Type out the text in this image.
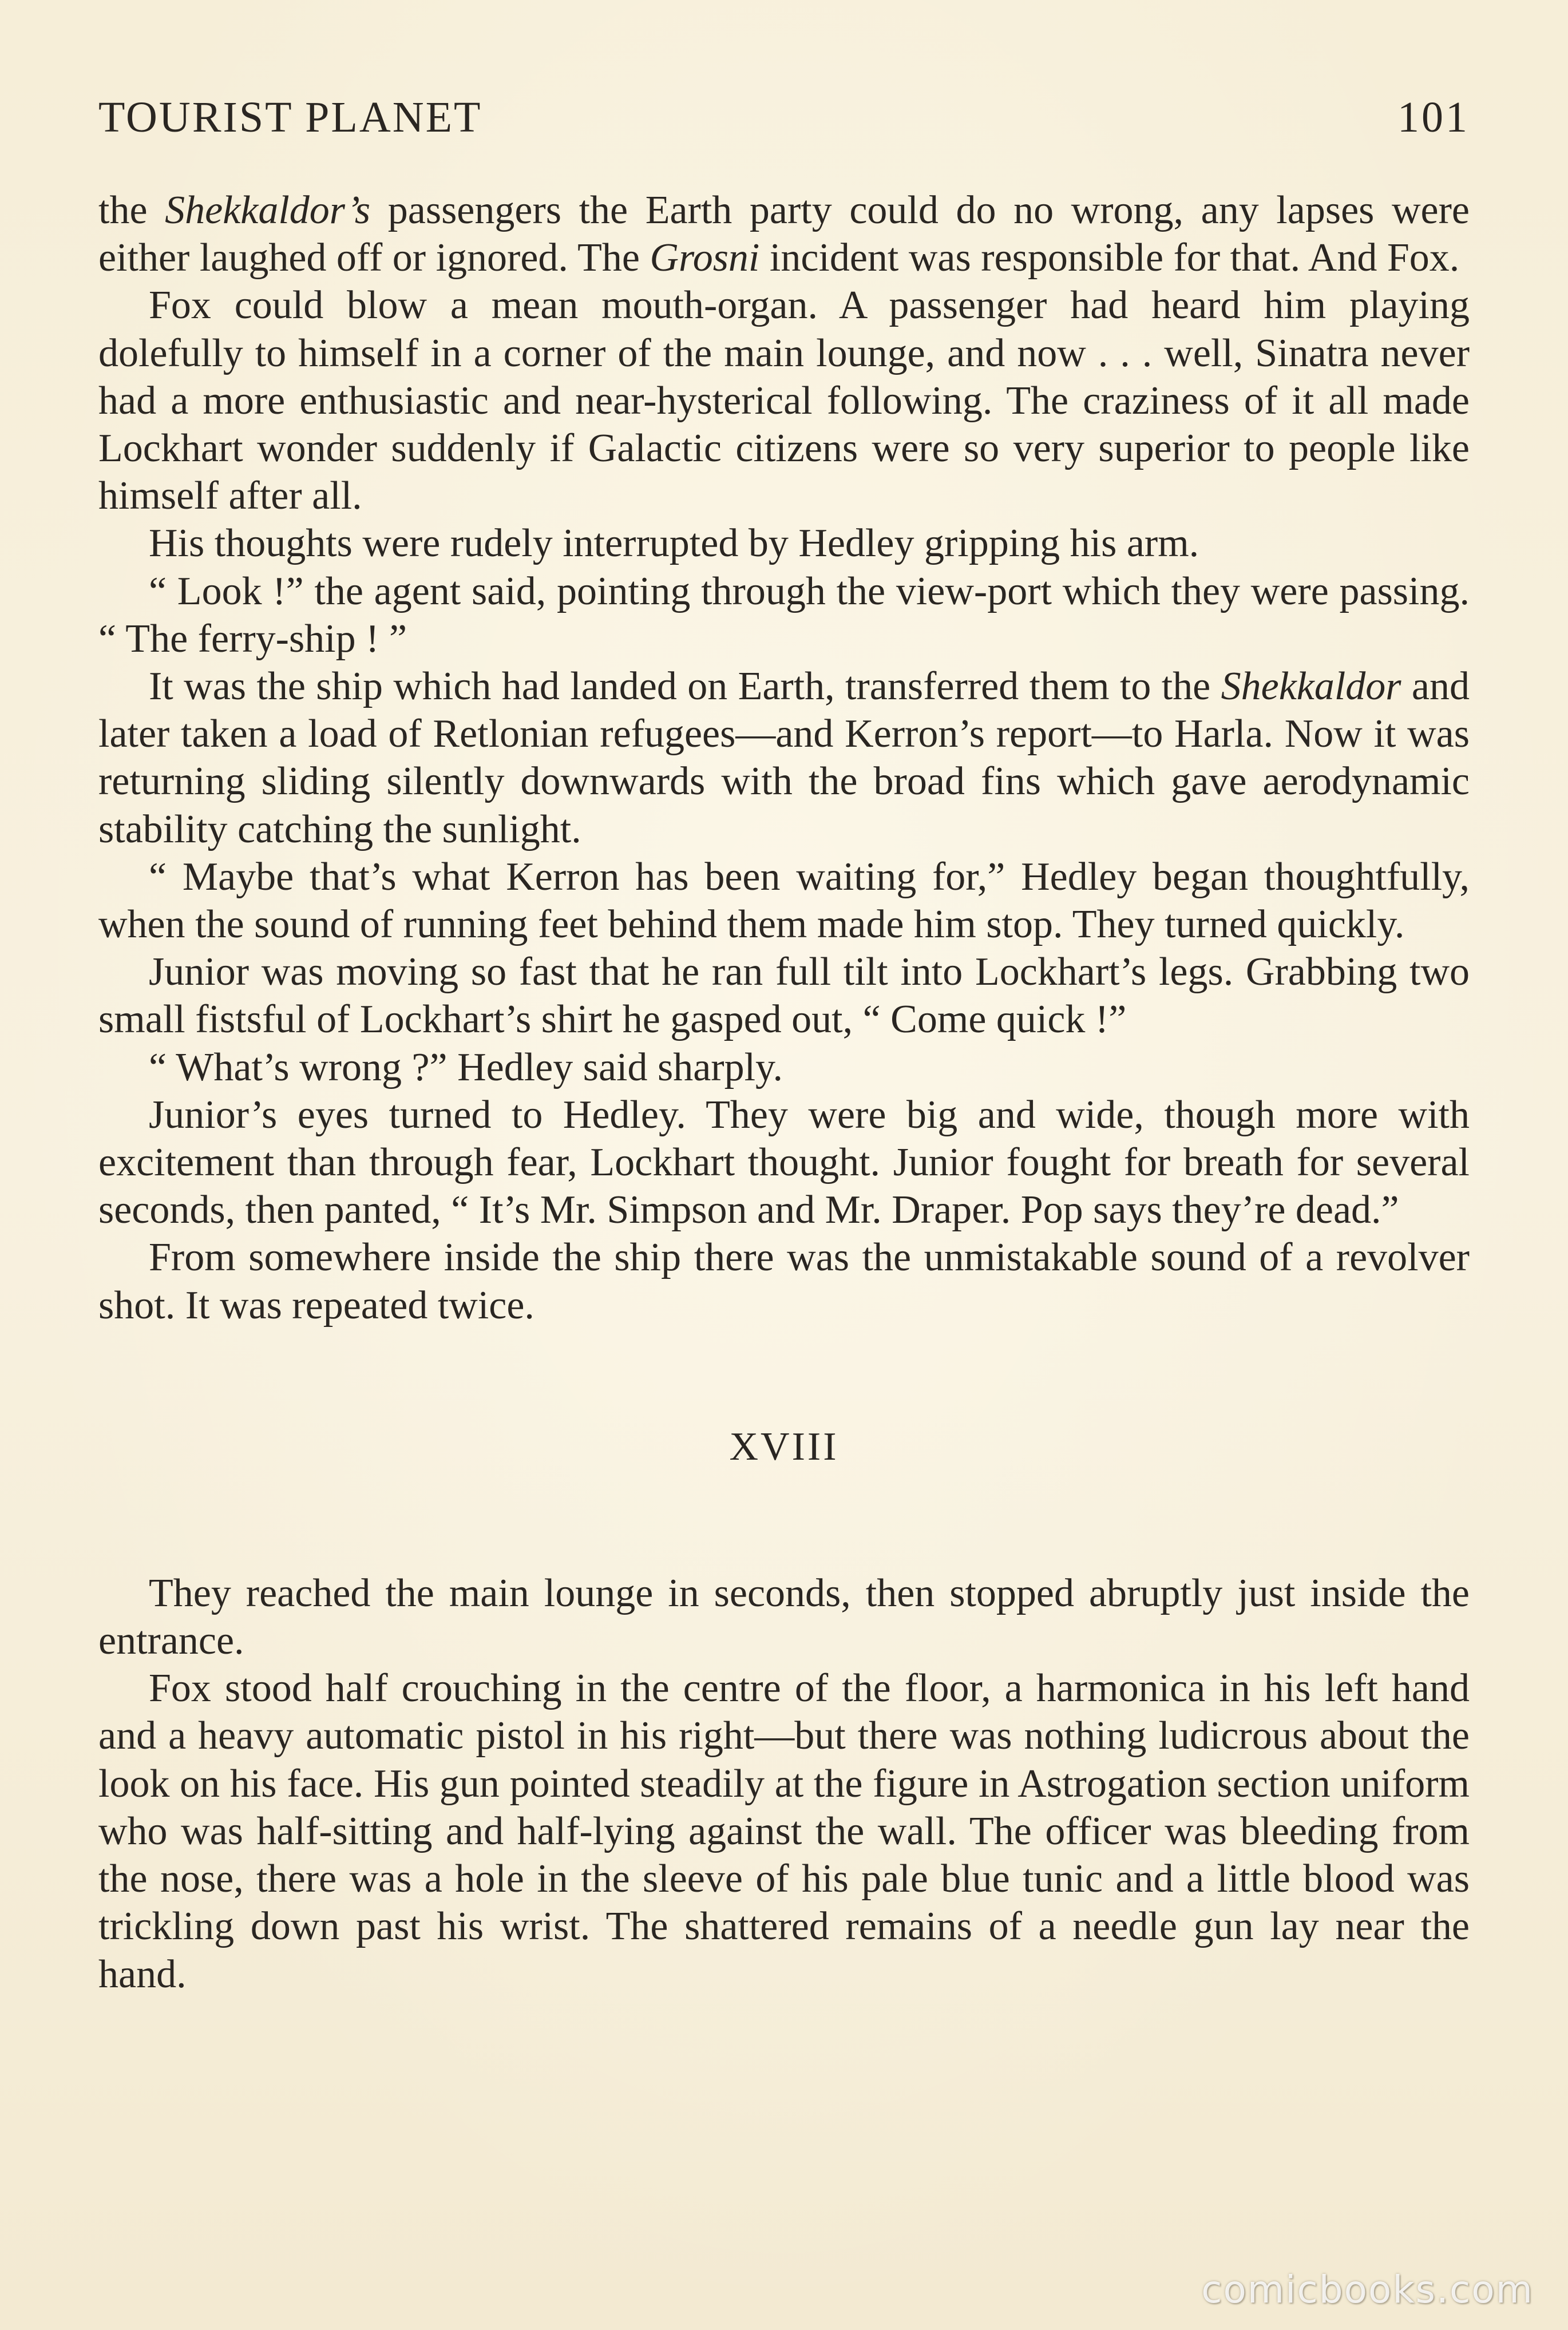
TOURIST PLANET	101

the Shekkaldor’s passengers the Earth party could do no wrong, any lapses were either laughed off or ignored. The Grosni incident was responsible for that. And Fox.

Fox could blow a mean mouth-organ. A passenger had heard him playing dolefully to himself in a corner of the main lounge, and now . . . well, Sinatra never had a more enthusiastic and near-hysterical following. The craziness of it all made Lockhart wonder suddenly if Galactic citizens were so very superior to people like himself after all.

His thoughts were rudely interrupted by Hedley gripping his arm.

“ Look !” the agent said, pointing through the view-port which they were passing. “ The ferry-ship ! ”

It was the ship which had landed on Earth, transferred them to the Shekkaldor and later taken a load of Retlonian refugees—and Kerron’s report—to Harla. Now it was returning sliding silently downwards with the broad fins which gave aerodynamic stability catching the sunlight.

“ Maybe that’s what Kerron has been waiting for,” Hedley began thoughtfully, when the sound of running feet behind them made him stop. They turned quickly.

Junior was moving so fast that he ran full tilt into Lockhart’s legs. Grabbing two small fistsful of Lockhart’s shirt he gasped out, “ Come quick !”

“ What’s wrong ?” Hedley said sharply.

Junior’s eyes turned to Hedley. They were big and wide, though more with excitement than through fear, Lockhart thought. Junior fought for breath for several seconds, then panted, “ It’s Mr. Simpson and Mr. Draper. Pop says they’re dead.”

From somewhere inside the ship there was the unmistakable sound of a revolver shot. It was repeated twice.

XVIII

They reached the main lounge in seconds, then stopped abruptly just inside the entrance.

Fox stood half crouching in the centre of the floor, a harmonica in his left hand and a heavy automatic pistol in his right—but there was nothing ludicrous about the look on his face. His gun pointed steadily at the figure in Astrogation section uniform who was half-sitting and half-lying against the wall. The officer was bleeding from the nose, there was a hole in the sleeve of his pale blue tunic and a little blood was trickling down past his wrist. The shattered remains of a needle gun lay near the hand.

comicbooks.com
